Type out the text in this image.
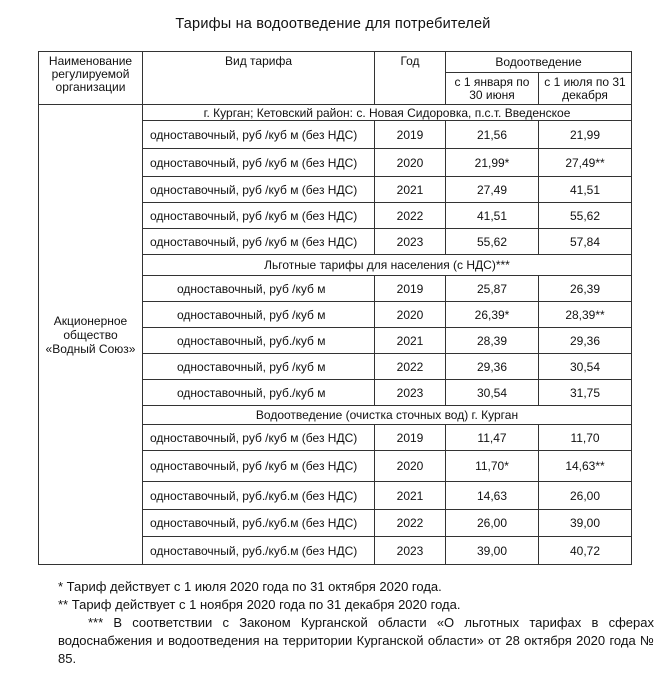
Тарифы на водоотведение для потребителей
Наименование регулируемой организации	Вид тарифа	Год	Водоотведение	
			с 1 января по 30 июня	с 1 июля по 31 декабря
Акционерное общество «Водный Союз»	г. Курган; Кетовский район: с. Новая Сидоровка, п.с.т. Введенское			
	одноставочный, руб /куб м (без НДС)	2019	21,56	21,99
	одноставочный, руб /куб м (без НДС)	2020	21,99*	27,49**
	одноставочный, руб /куб м (без НДС)	2021	27,49	41,51
	одноставочный, руб /куб м (без НДС)	2022	41,51	55,62
	одноставочный, руб /куб м (без НДС)	2023	55,62	57,84
	Льготные тарифы для населения (с НДС)***			
	одноставочный, руб /куб м	2019	25,87	26,39
	одноставочный, руб /куб м	2020	26,39*	28,39**
	одноставочный, руб./куб м	2021	28,39	29,36
	одноставочный, руб /куб м	2022	29,36	30,54
	одноставочный, руб./куб м	2023	30,54	31,75
	Водоотведение (очистка сточных вод) г. Курган			
	одноставочный, руб /куб м (без НДС)	2019	11,47	11,70
	одноставочный, руб /куб м (без НДС)	2020	11,70*	14,63**
	одноставочный, руб./куб.м (без НДС)	2021	14,63	26,00
	одноставочный, руб./куб.м (без НДС)	2022	26,00	39,00
	одноставочный, руб./куб.м (без НДС)	2023	39,00	40,72
* Тариф действует с 1 июля 2020 года по 31 октября 2020 года.
** Тариф действует с 1 ноября 2020 года по 31 декабря 2020 года.
*** В соответствии с Законом Курганской области «О льготных тарифах в сферах водоснабжения и водоотведения на территории Курганской области» от 28 октября 2020 года № 85.
